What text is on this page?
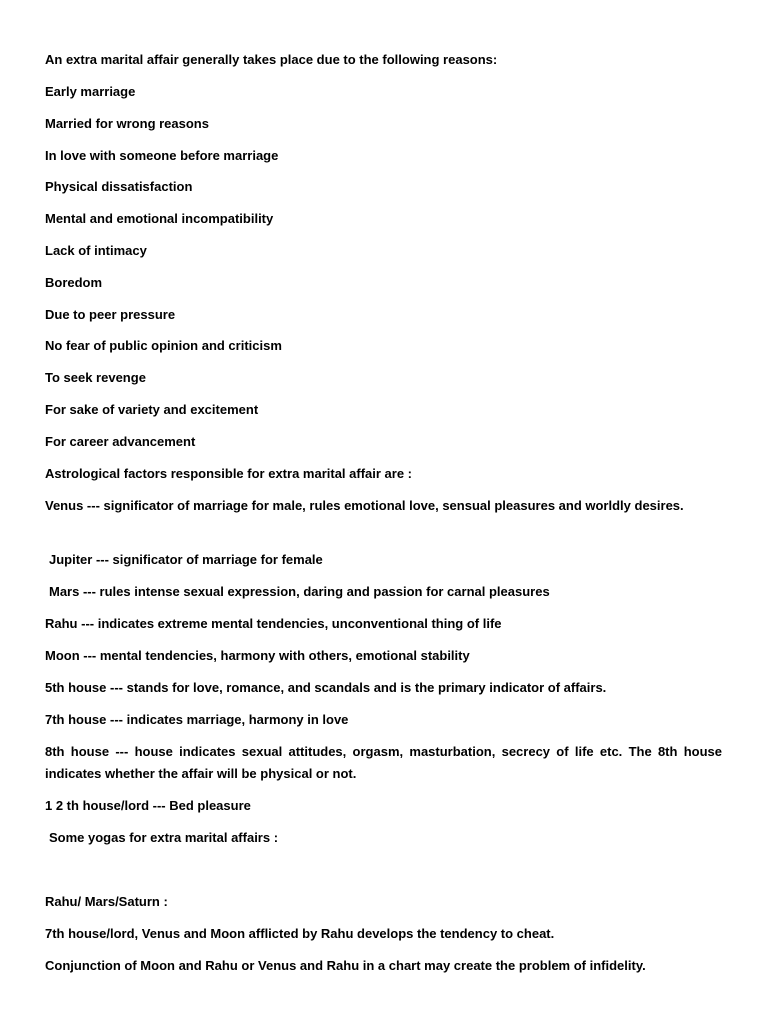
An extra marital affair generally takes place due to the following reasons:
Early marriage
Married for wrong reasons
In love with someone before marriage
Physical dissatisfaction
Mental and emotional incompatibility
Lack of intimacy
Boredom
Due to peer pressure
No fear of public opinion and criticism
To seek revenge
For sake of variety and excitement
For career advancement
Astrological factors responsible for extra marital affair are :
Venus --- significator of marriage for male, rules emotional love, sensual pleasures and worldly desires.
Jupiter --- significator of marriage for female
Mars --- rules intense sexual expression, daring and passion for carnal pleasures
Rahu --- indicates extreme mental tendencies, unconventional thing of life
Moon --- mental tendencies, harmony with others, emotional stability
5th house --- stands for love, romance, and scandals and is the primary indicator of affairs.
7th house --- indicates marriage, harmony in love
8th house --- house indicates sexual attitudes, orgasm, masturbation, secrecy of life etc. The 8th house indicates whether the affair will be physical or not.
1 2 th house/lord --- Bed pleasure
Some yogas for extra marital affairs :
Rahu/ Mars/Saturn :
7th house/lord, Venus and Moon afflicted by Rahu develops the tendency to cheat.
Conjunction of Moon and Rahu or Venus and Rahu in a chart may create the problem of infidelity.
